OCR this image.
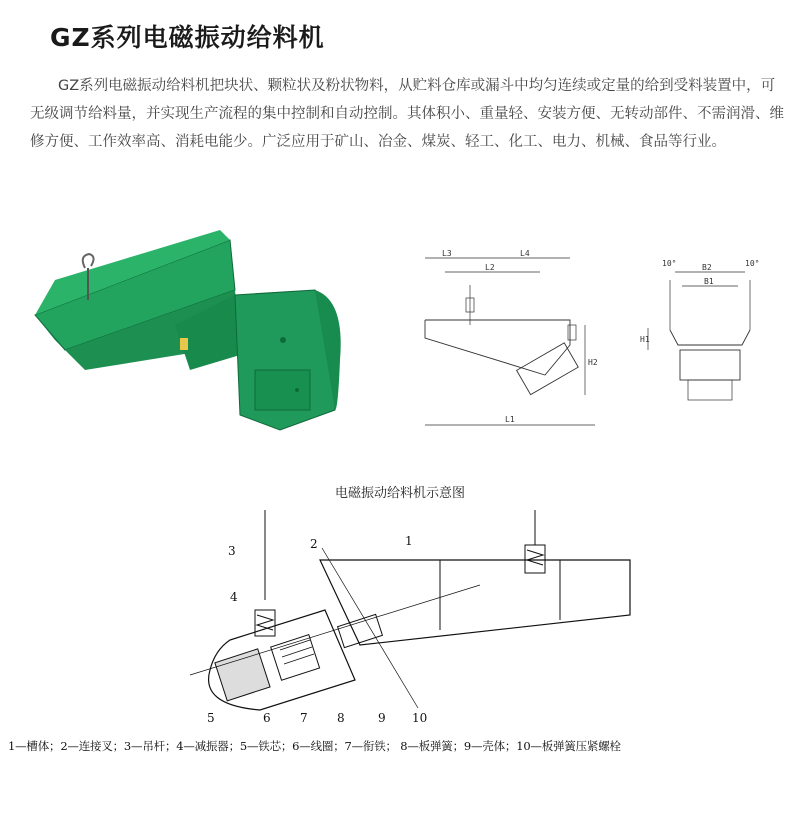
GZ系列电磁振动给料机
GZ系列电磁振动给料机把块状、颗粒状及粉状物料，从贮料仓库或漏斗中均匀连续或定量的给到受料装置中，可无级调节给料量，并实现生产流程的集中控制和自动控制。其体积小、重量轻、安装方便、无转动部件、不需润滑、维修方便、工作效率高、消耗电能少。广泛应用于矿山、冶金、煤炭、轻工、化工、电力、机械、食品等行业。
L3	L4
L2
H2
L1
10°	10°
B2
B1
H1
电磁振动给料机示意图
1
2
3
4
5	6 7 8	9 10
1—槽体；2—连接叉；3—吊杆；4—减振器；5—铁芯；6—线圈；7—衔铁； 8—板弹簧；9—壳体；10—板弹簧压紧螺栓
